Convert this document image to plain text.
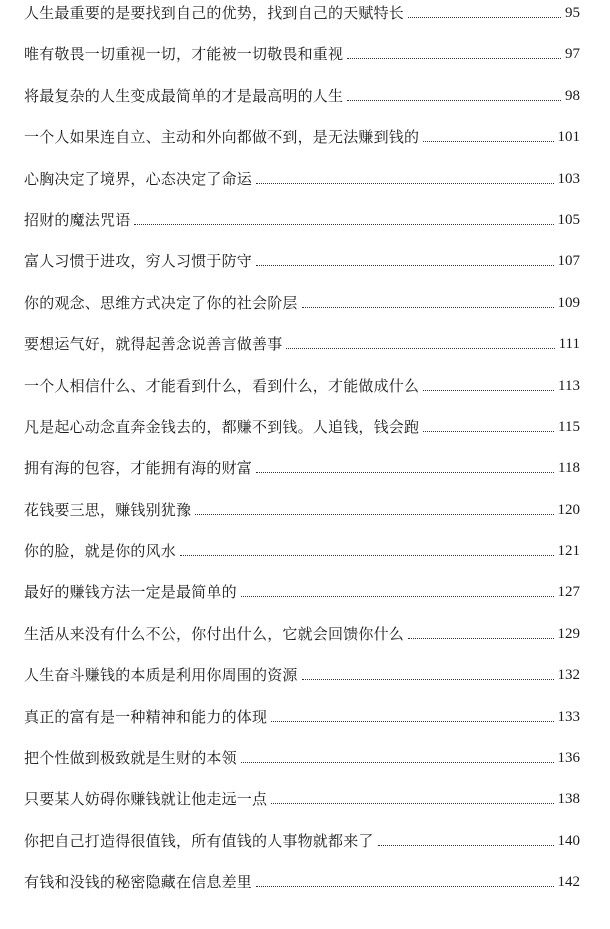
人生最重要的是要找到自己的优势，找到自己的天赋特长	95
唯有敬畏一切重视一切，才能被一切敬畏和重视	97
将最复杂的人生变成最简单的才是最高明的人生	98
一个人如果连自立、主动和外向都做不到，是无法赚到钱的	101
心胸决定了境界，心态决定了命运	103
招财的魔法咒语	105
富人习惯于进攻，穷人习惯于防守	107
你的观念、思维方式决定了你的社会阶层	109
要想运气好，就得起善念说善言做善事	111
一个人相信什么、才能看到什么，看到什么，才能做成什么	113
凡是起心动念直奔金钱去的，都赚不到钱。人追钱，钱会跑	115
拥有海的包容，才能拥有海的财富	118
花钱要三思，赚钱别犹豫	120
你的脸，就是你的风水	121
最好的赚钱方法一定是最简单的	127
生活从来没有什么不公，你付出什么，它就会回馈你什么	129
人生奋斗赚钱的本质是利用你周围的资源	132
真正的富有是一种精神和能力的体现	133
把个性做到极致就是生财的本领	136
只要某人妨碍你赚钱就让他走远一点	138
你把自己打造得很值钱，所有值钱的人事物就都来了	140
有钱和没钱的秘密隐藏在信息差里	142
